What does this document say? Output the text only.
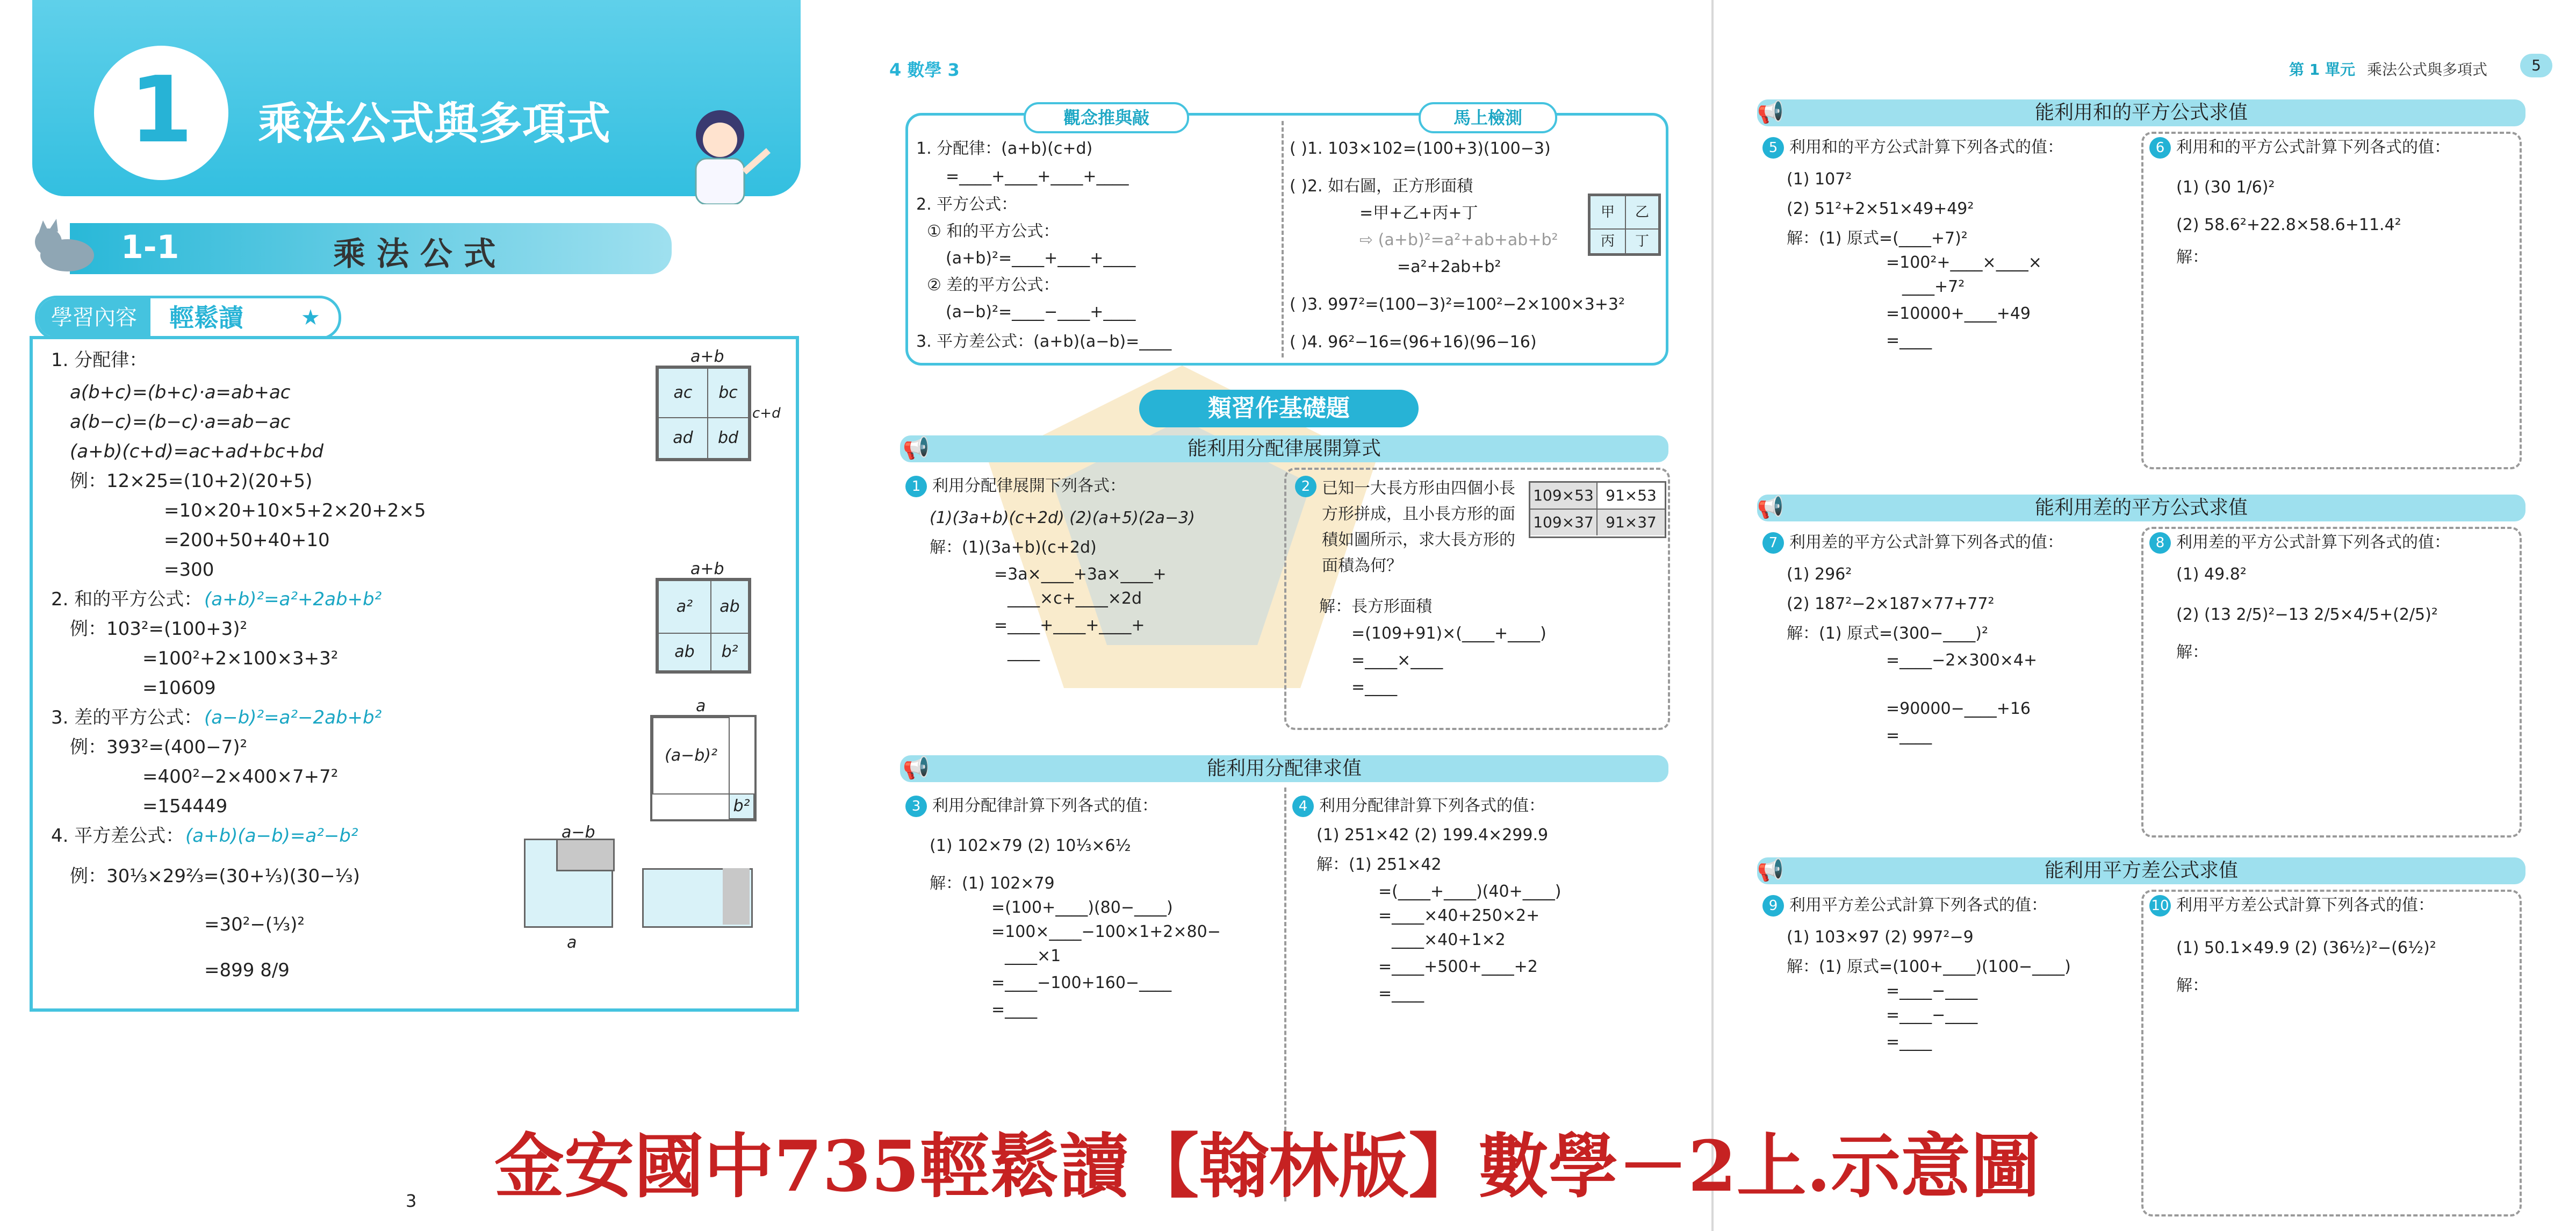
1	乘法公式與多項式
1-1	乘 法 公 式
學習內容	輕鬆讀	★
1. 分配律：
a(b+c)=(b+c)·a=ab+ac
a(b−c)=(b−c)·a=ab−ac
(a+b)(c+d)=ac+ad+bc+bd
例：12×25=(10+2)(20+5)
=10×20+10×5+2×20+2×5
=200+50+40+10
=300
2. 和的平方公式： (a+b)²=a²+2ab+b²
例：103²=(100+3)²
=100²+2×100×3+3²
=10609
3. 差的平方公式： (a−b)²=a²−2ab+b²
例：393²=(400−7)²
=400²−2×400×7+7²
=154449
4. 平方差公式： (a+b)(a−b)=a²−b²
例：30⅓×29⅔=(30+⅓)(30−⅓)
=30²−(⅓)²
=899 8/9
ac	bc
ad	bd
a+b
c+d
a²	ab
ab	b²
a+b
(a−b)²
b²
a
a−b
a
3
4 數學 3
觀念推與敲	馬上檢測
1. 分配律：(a+b)(c+d)
=____+____+____+____
2. 平方公式：
① 和的平方公式：
(a+b)²=____+____+____
② 差的平方公式：
(a−b)²=____−____+____
3. 平方差公式：(a+b)(a−b)=____
( )1. 103×102=(100+3)(100−3)
( )2. 如右圖，正方形面積
=甲+乙+丙+丁
⇨ (a+b)²=a²+ab+ab+b²
=a²+2ab+b²
( )3. 997²=(100−3)²=100²−2×100×3+3²
( )4. 96²−16=(96+16)(96−16)
甲	乙
丙	丁
類習作基礎題
📢	能利用分配律展開算式
1 利用分配律展開下列各式：
(1)(3a+b)(c+2d) (2)(a+5)(2a−3)
解：(1)(3a+b)(c+2d)
=3a×____+3a×____+
____×c+____×2d
=____+____+____+
____
2 已知一大長方形由四個小長方形拼成，且小長方形的面積如圖所示，求大長方形的面積為何？
109×53 91×53
109×37 91×37
解：長方形面積
=(109+91)×(____+____)
=____×____
=____
📢	能利用分配律求值
3 利用分配律計算下列各式的值：
(1) 102×79 (2) 10⅓×6½
解：(1) 102×79
=(100+____)(80−____)
=100×____−100×1+2×80−
____×1
=____−100+160−____
=____
4 利用分配律計算下列各式的值：
(1) 251×42 (2) 199.4×299.9
解：(1) 251×42
=(____+____)(40+____)
=____×40+250×2+
____×40+1×2
=____+500+____+2
=____
第 1 單元 乘法公式與多項式	5
📢	能利用和的平方公式求值
5 利用和的平方公式計算下列各式的值：
(1) 107²
(2) 51²+2×51×49+49²
解：(1) 原式=(____+7)²
=100²+____×____×
____+7²
=10000+____+49
=____
6 利用和的平方公式計算下列各式的值：
(1) (30 1/6)²
(2) 58.6²+22.8×58.6+11.4²
解：
📢	能利用差的平方公式求值
7 利用差的平方公式計算下列各式的值：
(1) 296²
(2) 187²−2×187×77+77²
解：(1) 原式=(300−____)²
=____−2×300×4+
=90000−____+16
=____
8 利用差的平方公式計算下列各式的值：
(1) 49.8²
(2) (13 2/5)²−13 2/5×4/5+(2/5)²
解：
📢	能利用平方差公式求值
9 利用平方差公式計算下列各式的值：
(1) 103×97 (2) 997²−9
解：(1) 原式=(100+____)(100−____)
=____−____
=____−____
=____
10 利用平方差公式計算下列各式的值：
(1) 50.1×49.9 (2) (36½)²−(6½)²
解：
金安國中735輕鬆讀【翰林版】數學－2上.示意圖
